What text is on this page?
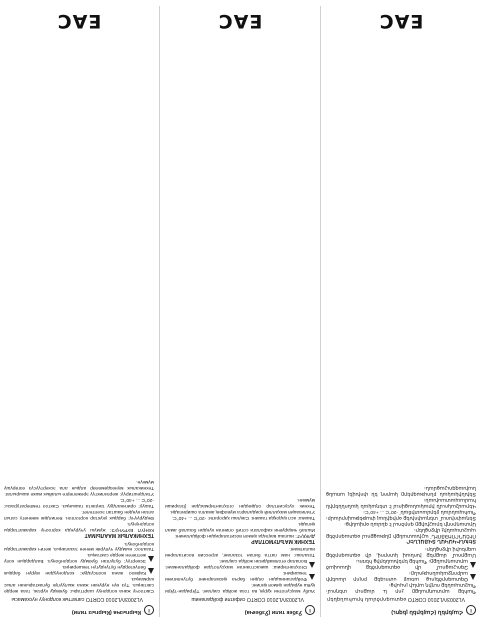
i
Кыргызча (Кыргыз тили)
VL2003/VL2010 CORTO сапаттык колдонуу нускамасы

Сактоочу жана колдонуу шарттары: буюмду кургак, таза жерде сактаңыз. Түз күн нурунан жана жылуулук булактарынан алыс кармаңыз.

Кармоо жана коопсуздук: колдонуудан мурун бардык бөлүктөрдүн бүтүндүгүн текшериңиз.

Эскертүү: бузулган буюмду колдонбоңуз. Балдардын колу жетпеген жерде сактаңыз.

Тазалоо: нымдуу чүпүрөк менен тазалаңыз, жегич каражаттарды колдонбоңуз.

ТЕХНИКАЛЫК МААЛЫМАТ

КӨҢҮЛ БУРУҢУЗ: жумуш учурунда коргоочу каражаттарды колдонуңуз.

Өндүрүүчү: бардык укуктар корголгон. Кепилдик мөөнөтү сатып алган күндөн баштап эсептелет.

Ташуу: оригиналдуу таңгакта ташыңыз. Сактоо температурасы: -20°C ... +40°C.

Утилдештирүү: жергиликтүү эрежелерге ылайык ишке ашырылат.

Техникалык мүнөздөмөлөр алдын ала эскертүүсүз өзгөрүшү мүмкүн.

EAC
i
Ўзбек тили (Ўзбекча)
VL2003/VL2010 CORTO сифатли фойдаланиш

Ушбу маҳсулотни қуруқ ва тоза жойда сақланг. Тўғридан-тўғри қуёш нуридан ҳимоя қилинг.

Фойдаланишдан олдин барча қисмларнинг бутунлигини текширинг.

Огоҳлантириш: шикастланган маҳсулотдан фойдаланманг. Болалар етолмайдиган жойда сақланг.

Тозалаш: нам латта билан тозаланг, агрессив воситаларни ишлатманг.

ТЕХНИК МАЪЛУМОТЛАР

ДИҚҚАТ: ишлаш вақтида ҳимоя воситаларидан фойдаланинг.

Ишлаб чиқарувчи кафолати сотиб олинган кундан бошлаб амал қилади.

Ташиш: асл қадоқда ташинг. Сақлаш ҳарорати: -20°C ... +40°C.

Утилизация маҳаллий қоидаларга мувофиқ амалга оширилади.

Техник хусусиятлар олдиндан огоҳлантирмасдан ўзгариши мумкин.

EAC
i
Հայերեն (Հայերեն լեզու)
VL2003/VL2010 CORTO օգտագործման հրահանգներ

Պահեք արտադրանքը չոր և մաքուր տեղում։ Պաշտպանեք ուղիղ արևի լույսից։

Օգտագործելուց առաջ ստուգեք բոլոր մասերի ամբողջականությունը։

Զգուշացում՝ մի օգտագործեք վնասված արտադրանքը։ Պահեք երեխաներից հեռու։

Մաքրում՝ մաքրեք խոնավ կտորով, մի օգտագործեք ագրեսիվ միջոցներ։

ՏԵԽՆԻԿԱԿԱՆ ՏՎՅԱԼՆԵՐ

ՈՒՇԱԴՐՈՒԹՅՈՒՆ՝ աշխատանքի ընթացքում օգտագործեք պաշտպանիչ միջոցներ։

Արտադրողի երաշխիքը գործում է գնման օրվանից։

Տեղափոխում՝ տեղափոխեք օրիգինալ փաթեթավորմամբ։ Պահպանման ջերմաստիճան՝ -20°C ... +40°C։

Վերամշակումն իրականացվում է տեղական կանոններին համապատասխան։

Տեխնիկական բնութագրերը կարող են փոխվել առանց նախազգուշացման։

EAC
